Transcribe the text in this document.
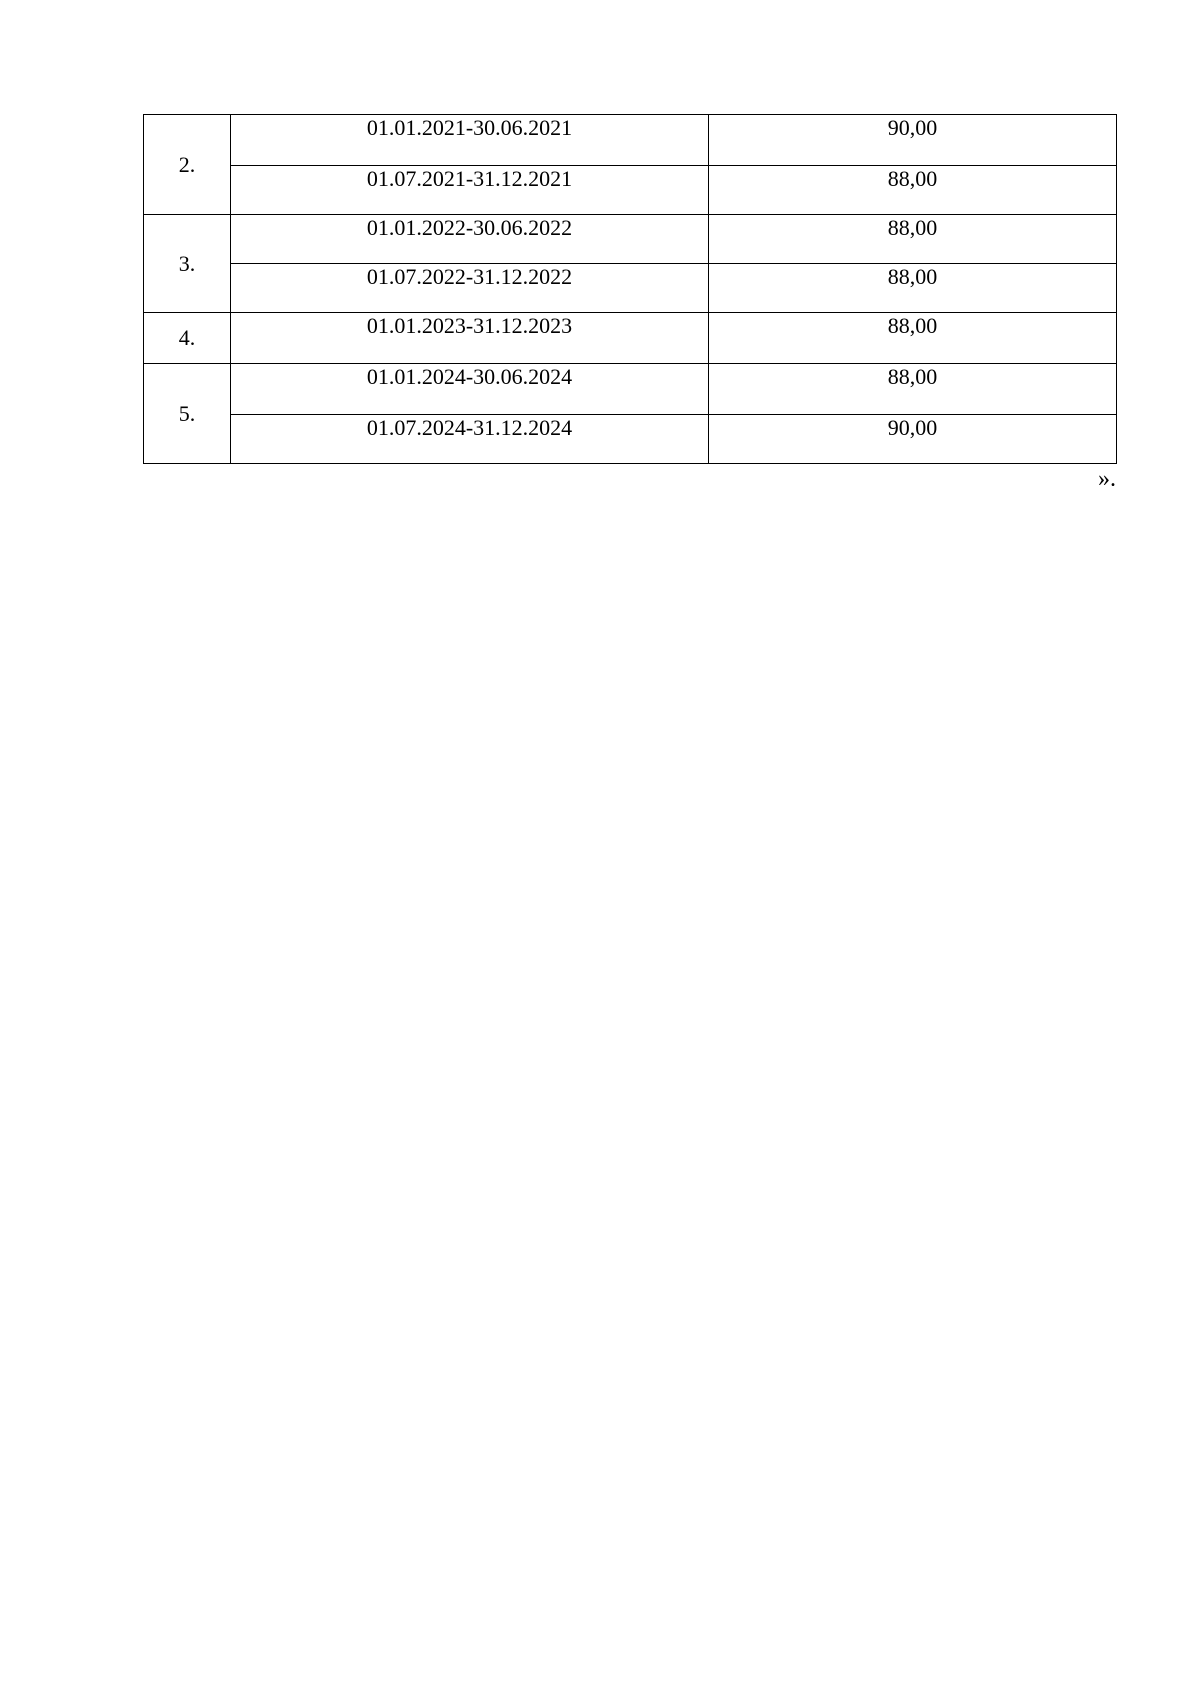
2.	01.01.2021-30.06.2021	90,00
	01.07.2021-31.12.2021	88,00
3.	01.01.2022-30.06.2022	88,00
	01.07.2022-31.12.2022	88,00
4.	01.01.2023-31.12.2023	88,00
5.	01.01.2024-30.06.2024	88,00
	01.07.2024-31.12.2024	90,00
».
